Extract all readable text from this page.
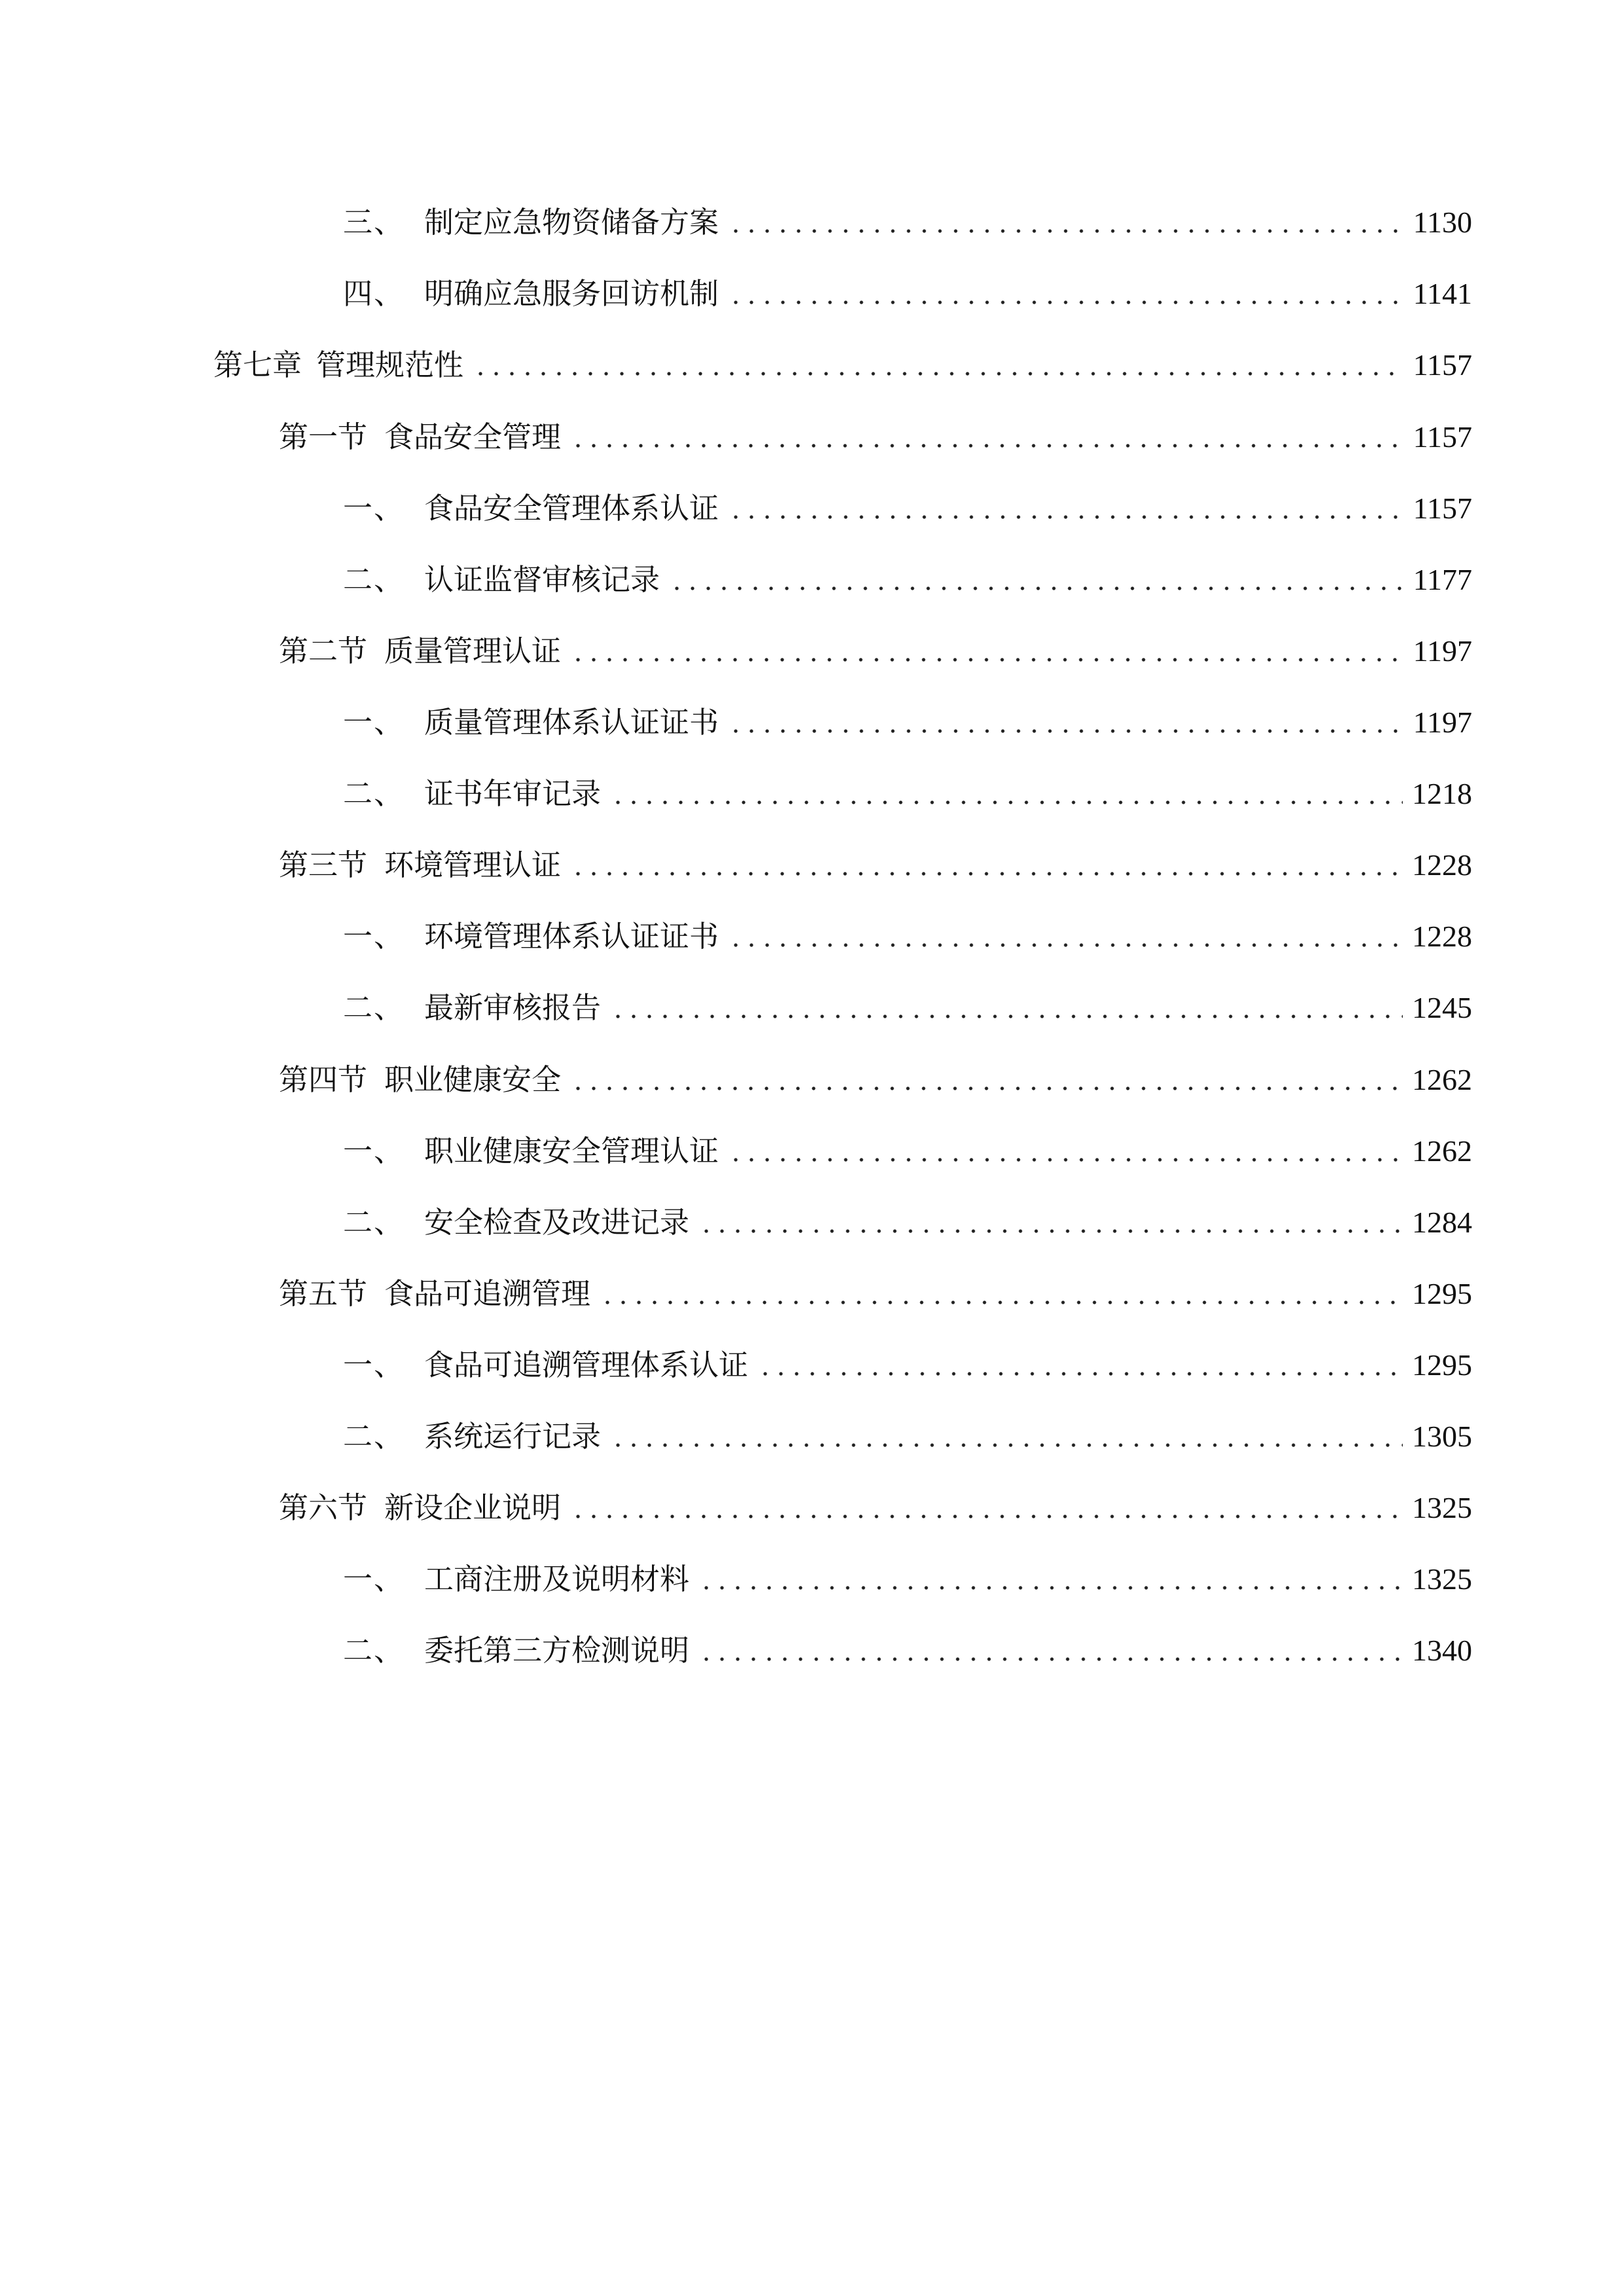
三、 制定应急物资储备方案	1130
四、 明确应急服务回访机制	1141
第七章 管理规范性	1157
第一节 食品安全管理	1157
一、 食品安全管理体系认证	1157
二、 认证监督审核记录	1177
第二节 质量管理认证	1197
一、 质量管理体系认证证书	1197
二、 证书年审记录	1218
第三节 环境管理认证	1228
一、 环境管理体系认证证书	1228
二、 最新审核报告	1245
第四节 职业健康安全	1262
一、 职业健康安全管理认证	1262
二、 安全检查及改进记录	1284
第五节 食品可追溯管理	1295
一、 食品可追溯管理体系认证	1295
二、 系统运行记录	1305
第六节 新设企业说明	1325
一、 工商注册及说明材料	1325
二、 委托第三方检测说明	1340
